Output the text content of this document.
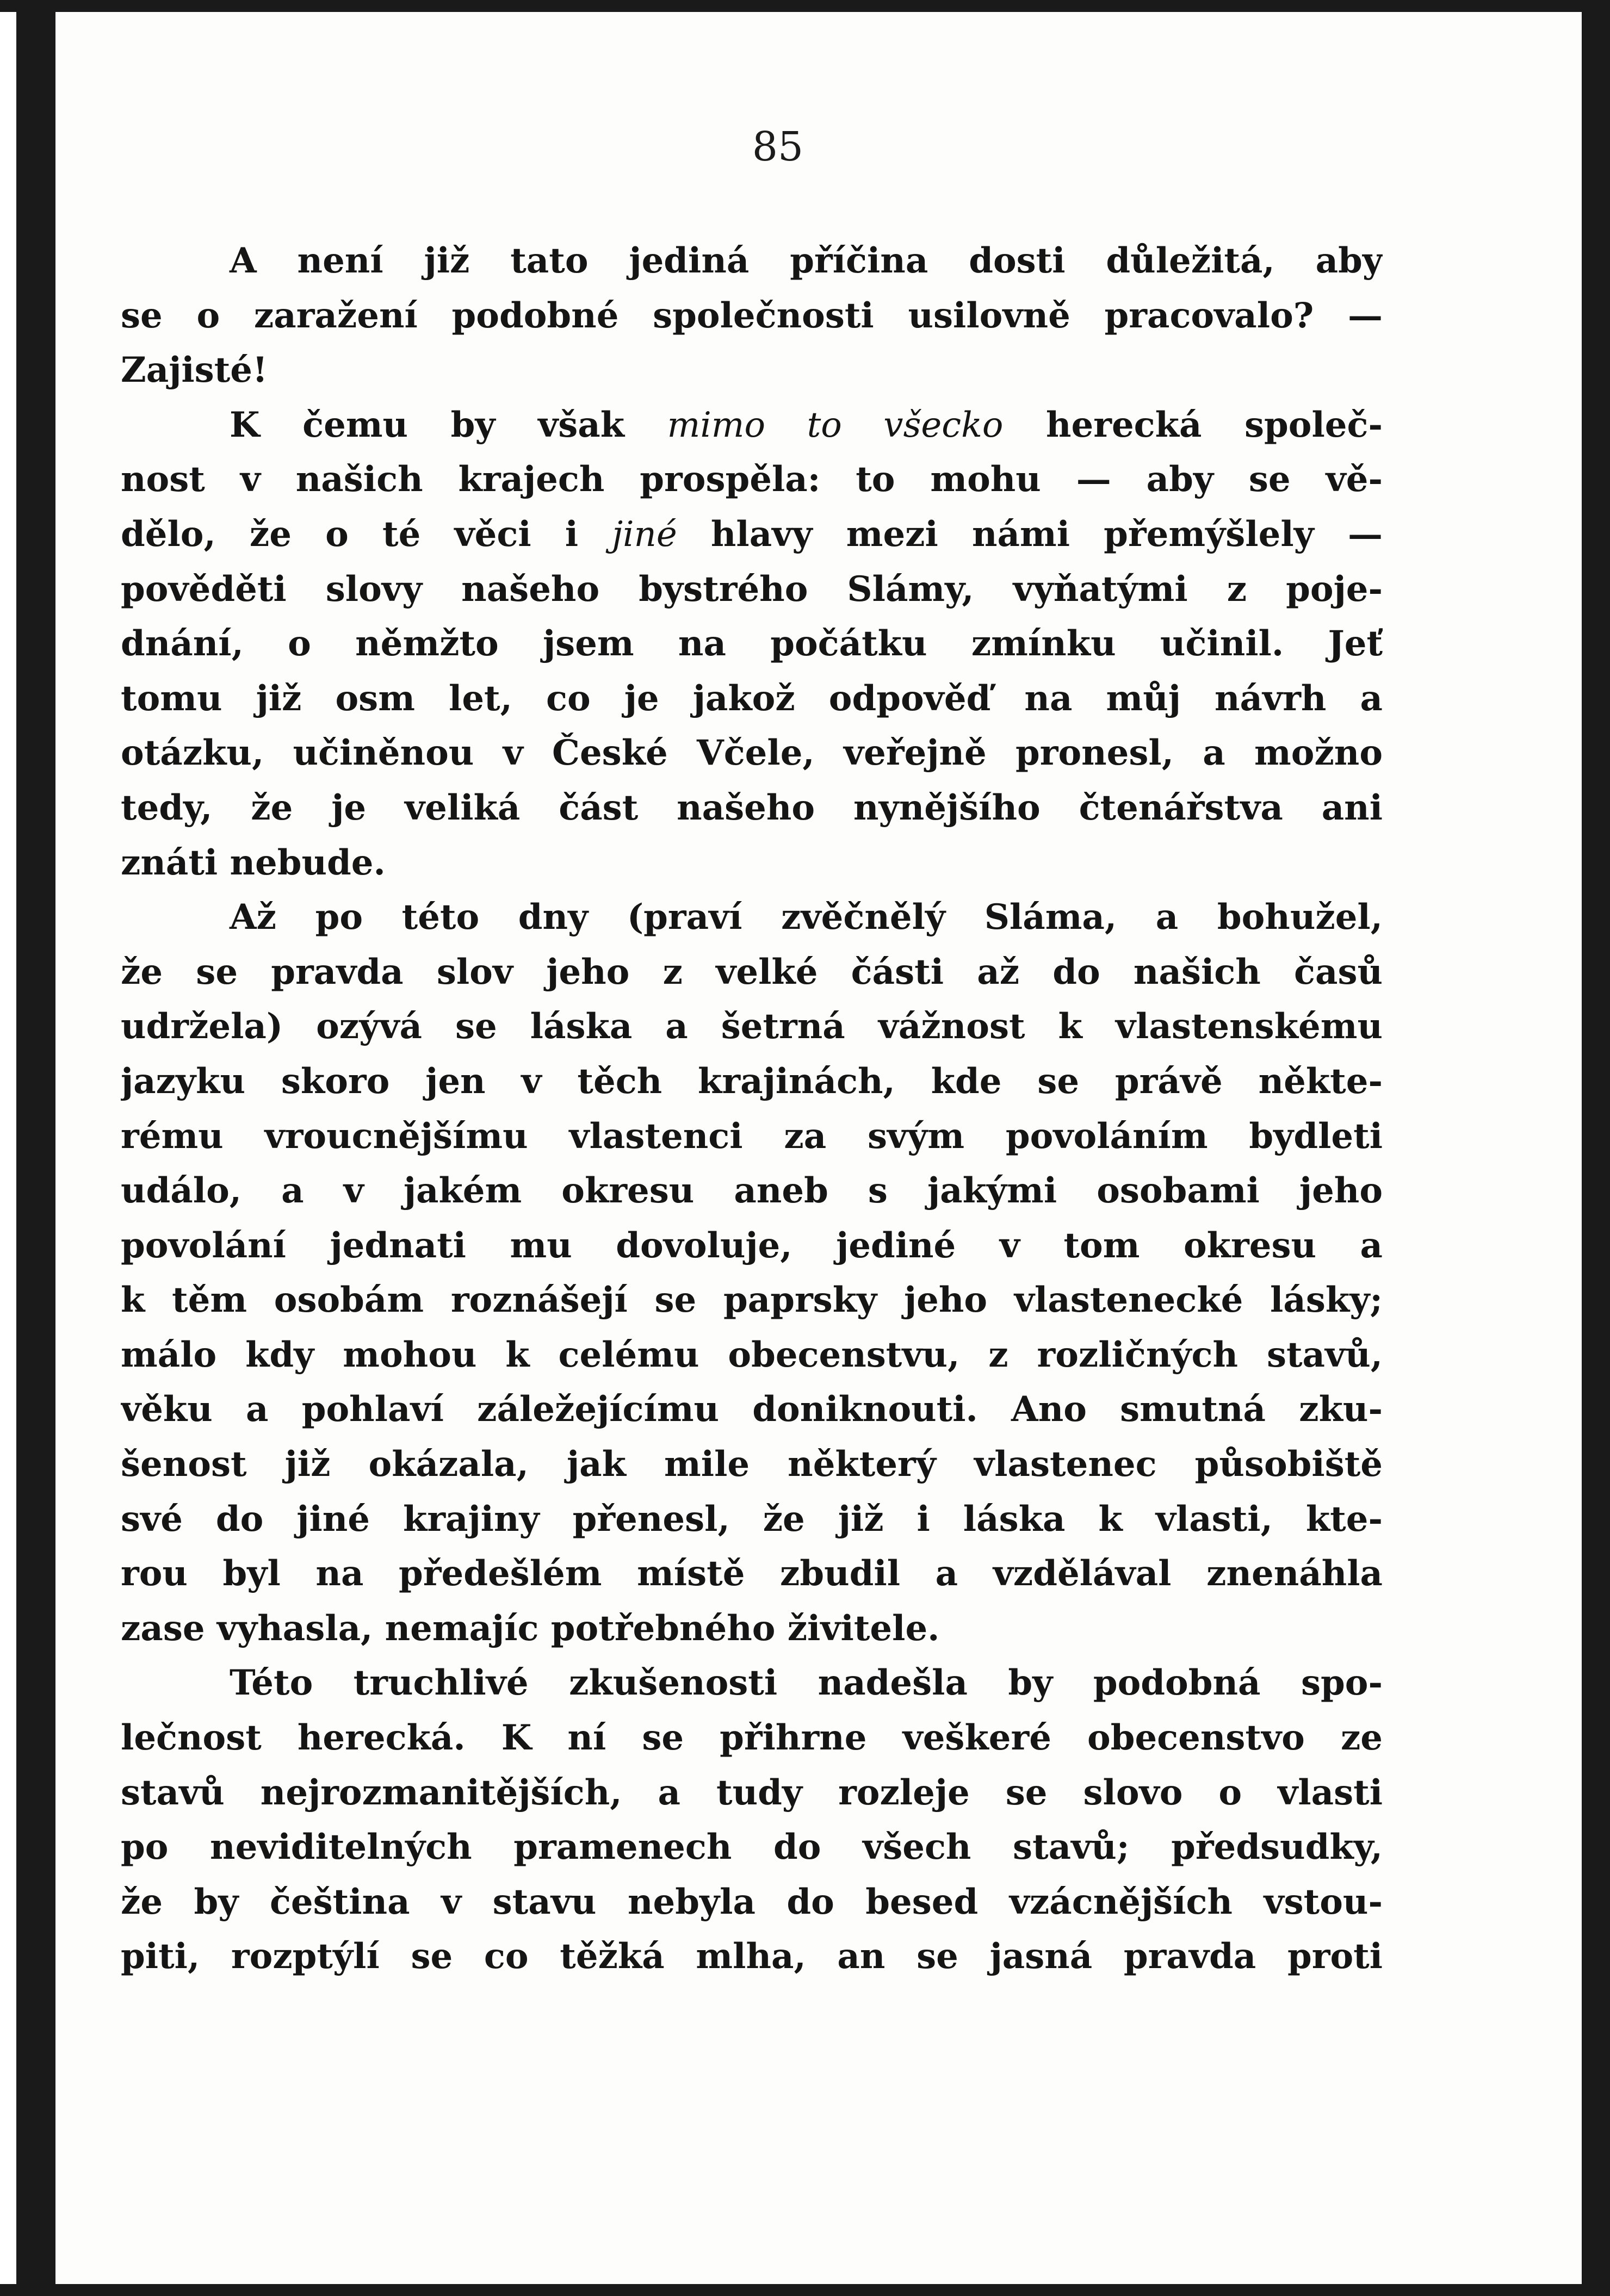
85
A není již tato jediná příčina dosti důležitá, aby
se o zaražení podobné společnosti usilovně pracovalo? —
Zajisté!
K čemu by však mimo to všecko herecká společ-
nost v našich krajech prospěla: to mohu — aby se vě-
dělo, že o té věci i jiné hlavy mezi námi přemýšlely —
pověděti slovy našeho bystrého Slámy, vyňatými z poje-
dnání, o němžto jsem na počátku zmínku učinil. Jeť
tomu již osm let, co je jakož odpověď na můj návrh a
otázku, učiněnou v České Včele, veřejně pronesl, a možno
tedy, že je veliká část našeho nynějšího čtenářstva ani
znáti nebude.
Až po této dny (praví zvěčnělý Sláma, a bohužel,
že se pravda slov jeho z velké části až do našich časů
udržela) ozývá se láska a šetrná vážnost k vlastenskému
jazyku skoro jen v těch krajinách, kde se právě někte-
rému vroucnějšímu vlastenci za svým povoláním bydleti
událo, a v jakém okresu aneb s jakými osobami jeho
povolání jednati mu dovoluje, jediné v tom okresu a
k těm osobám roznášejí se paprsky jeho vlastenecké lásky;
málo kdy mohou k celému obecenstvu, z rozličných stavů,
věku a pohlaví záležejícímu doniknouti. Ano smutná zku-
šenost již okázala, jak mile některý vlastenec působiště
své do jiné krajiny přenesl, že již i láska k vlasti, kte-
rou byl na předešlém místě zbudil a vzdělával znenáhla
zase vyhasla, nemajíc potřebného živitele.
Této truchlivé zkušenosti nadešla by podobná spo-
lečnost herecká. K ní se přihrne veškeré obecenstvo ze
stavů nejrozmanitějších, a tudy rozleje se slovo o vlasti
po neviditelných pramenech do všech stavů; předsudky,
že by čeština v stavu nebyla do besed vzácnějších vstou-
piti, rozptýlí se co těžká mlha, an se jasná pravda proti
